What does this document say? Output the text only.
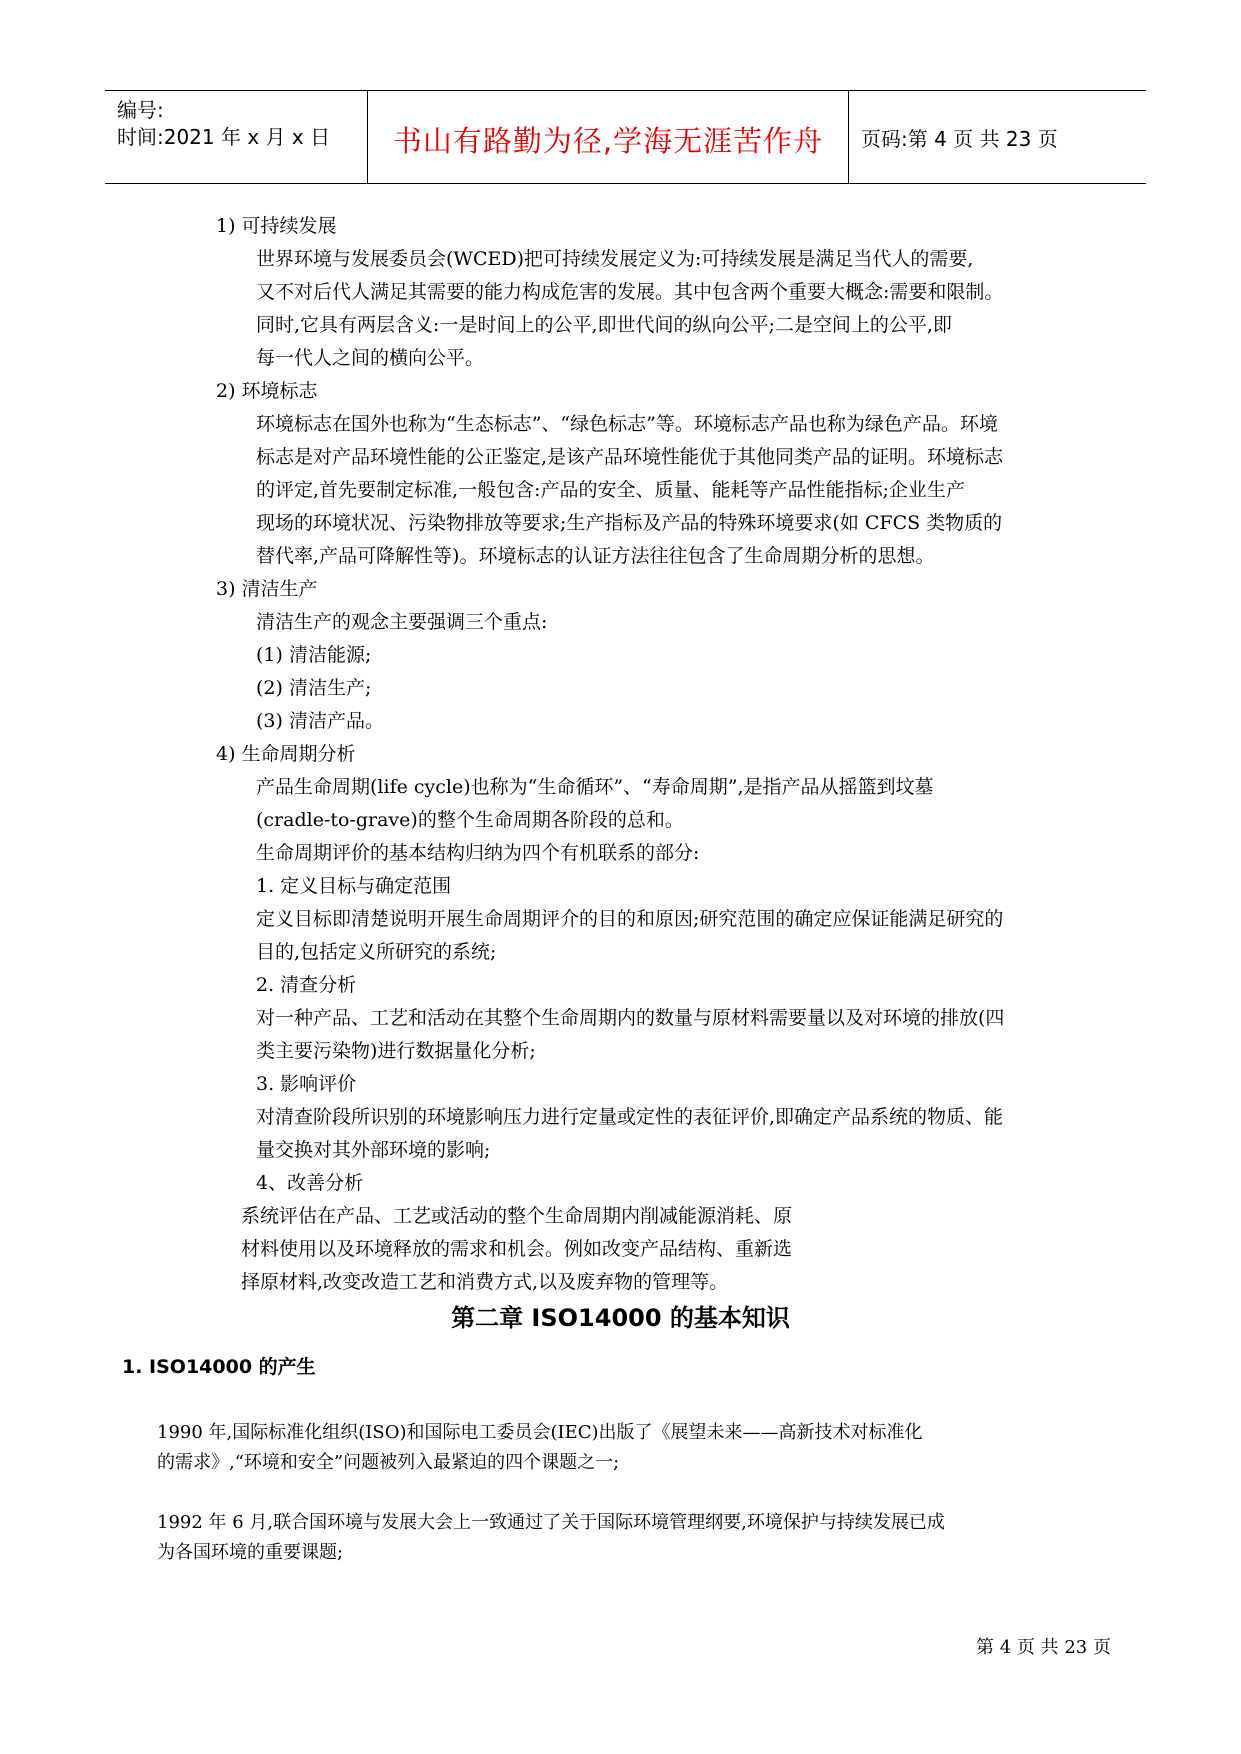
编号:
时间:2021 年 x 月 x 日	书山有路勤为径,学海无涯苦作舟	页码:第 4 页 共 23 页
1) 可持续发展
世界环境与发展委员会(WCED)把可持续发展定义为:可持续发展是满足当代人的需要,
又不对后代人满足其需要的能力构成危害的发展。其中包含两个重要大概念:需要和限制。
同时,它具有两层含义:一是时间上的公平,即世代间的纵向公平;二是空间上的公平,即
每一代人之间的横向公平。
2) 环境标志
环境标志在国外也称为“生态标志”、“绿色标志”等。环境标志产品也称为绿色产品。环境
标志是对产品环境性能的公正鉴定,是该产品环境性能优于其他同类产品的证明。环境标志
的评定,首先要制定标准,一般包含:产品的安全、质量、能耗等产品性能指标;企业生产
现场的环境状况、污染物排放等要求;生产指标及产品的特殊环境要求(如 CFCS 类物质的
替代率,产品可降解性等)。环境标志的认证方法往往包含了生命周期分析的思想。
3) 清洁生产
清洁生产的观念主要强调三个重点:
(1) 清洁能源;
(2) 清洁生产;
(3) 清洁产品。
4) 生命周期分析
产品生命周期(life cycle)也称为“生命循环”、“寿命周期”,是指产品从摇篮到坟墓
(cradle-to-grave)的整个生命周期各阶段的总和。
生命周期评价的基本结构归纳为四个有机联系的部分:
1. 定义目标与确定范围
定义目标即清楚说明开展生命周期评介的目的和原因;研究范围的确定应保证能满足研究的
目的,包括定义所研究的系统;
2. 清查分析
对一种产品、工艺和活动在其整个生命周期内的数量与原材料需要量以及对环境的排放(四
类主要污染物)进行数据量化分析;
3. 影响评价
对清查阶段所识别的环境影响压力进行定量或定性的表征评价,即确定产品系统的物质、能
量交换对其外部环境的影响;
4、改善分析
系统评估在产品、工艺或活动的整个生命周期内削减能源消耗、原
材料使用以及环境释放的需求和机会。例如改变产品结构、重新选
择原材料,改变改造工艺和消费方式,以及废弃物的管理等。
第二章 ISO14000 的基本知识
1. ISO14000 的产生
1990 年,国际标准化组织(ISO)和国际电工委员会(IEC)出版了《展望未来——高新技术对标准化
的需求》,“环境和安全”问题被列入最紧迫的四个课题之一;
1992 年 6 月,联合国环境与发展大会上一致通过了关于国际环境管理纲要,环境保护与持续发展已成
为各国环境的重要课题;
第 4 页 共 23 页
